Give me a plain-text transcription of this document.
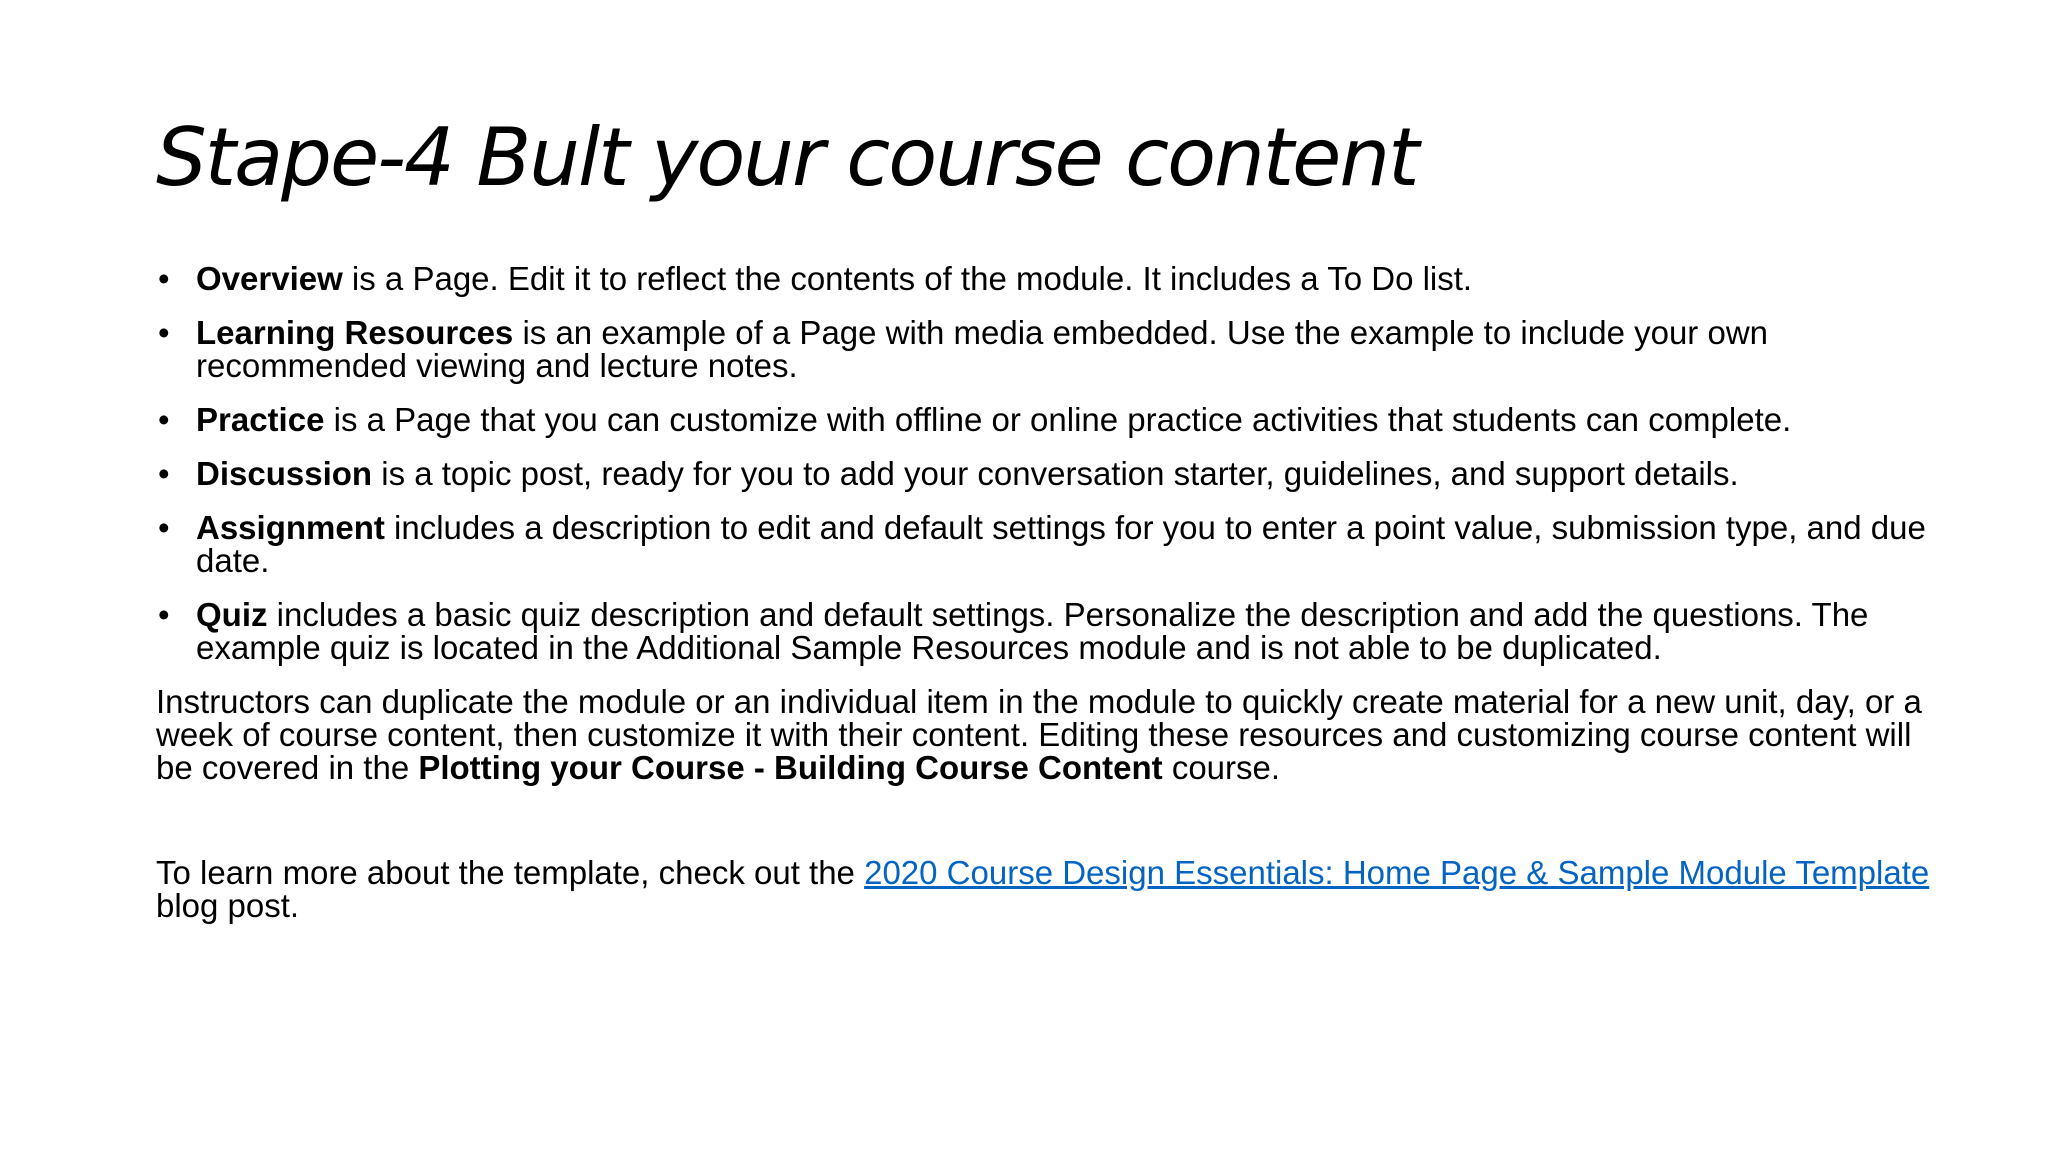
Stape-4 Bult your course content
• Overview is a Page. Edit it to reflect the contents of the module. It includes a To Do list.
• Learning Resources is an example of a Page with media embedded. Use the example to include your own recommended viewing and lecture notes.
• Practice is a Page that you can customize with offline or online practice activities that students can complete.
• Discussion is a topic post, ready for you to add your conversation starter, guidelines, and support details.
• Assignment includes a description to edit and default settings for you to enter a point value, submission type, and due date.
• Quiz includes a basic quiz description and default settings. Personalize the description and add the questions. The example quiz is located in the Additional Sample Resources module and is not able to be duplicated.

Instructors can duplicate the module or an individual item in the module to quickly create material for a new unit, day, or a week of course content, then customize it with their content. Editing these resources and customizing course content will be covered in the Plotting your Course - Building Course Content course.

To learn more about the template, check out the 2020 Course Design Essentials: Home Page & Sample Module Template blog post.
